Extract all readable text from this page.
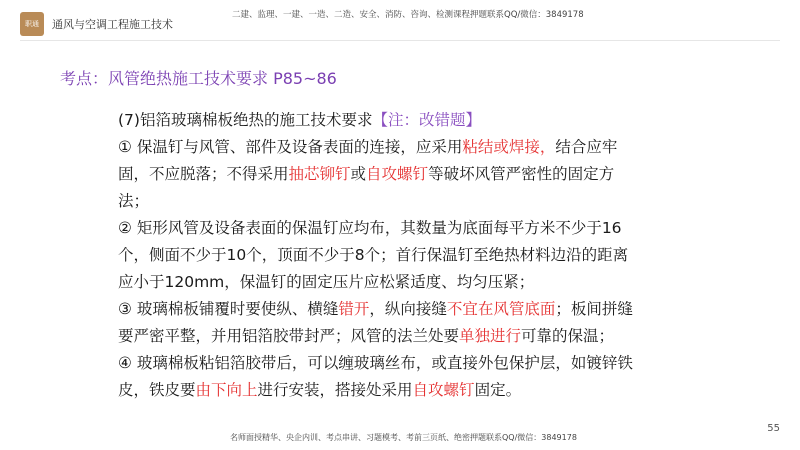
职通	通风与空调工程施工技术
二建、监理、一建、一造、二造、安全、消防、咨询、检测课程押题联系QQ/微信：3849178
考点：风管绝热施工技术要求 P85~86

(7)铝箔玻璃棉板绝热的施工技术要求【注：改错题】

① 保温钉与风管、部件及设备表面的连接，应采用粘结或焊接，结合应牢固，不应脱落；不得采用抽芯铆钉或自攻螺钉等破坏风管严密性的固定方法；

② 矩形风管及设备表面的保温钉应均布，其数量为底面每平方米不少于16个，侧面不少于10个，顶面不少于8个；首行保温钉至绝热材料边沿的距离应小于120mm，保温钉的固定压片应松紧适度、均匀压紧；

③ 玻璃棉板铺覆时要使纵、横缝错开，纵向接缝不宜在风管底面；板间拼缝要严密平整，并用铝箔胶带封严；风管的法兰处要单独进行可靠的保温；

④ 玻璃棉板粘铝箔胶带后，可以缠玻璃丝布，或直接外包保护层，如镀锌铁皮，铁皮要由下向上进行安装，搭接处采用自攻螺钉固定。

55
名师面授精华、央企内训、考点串讲、习题模考、考前三页纸、绝密押题联系QQ/微信：3849178
